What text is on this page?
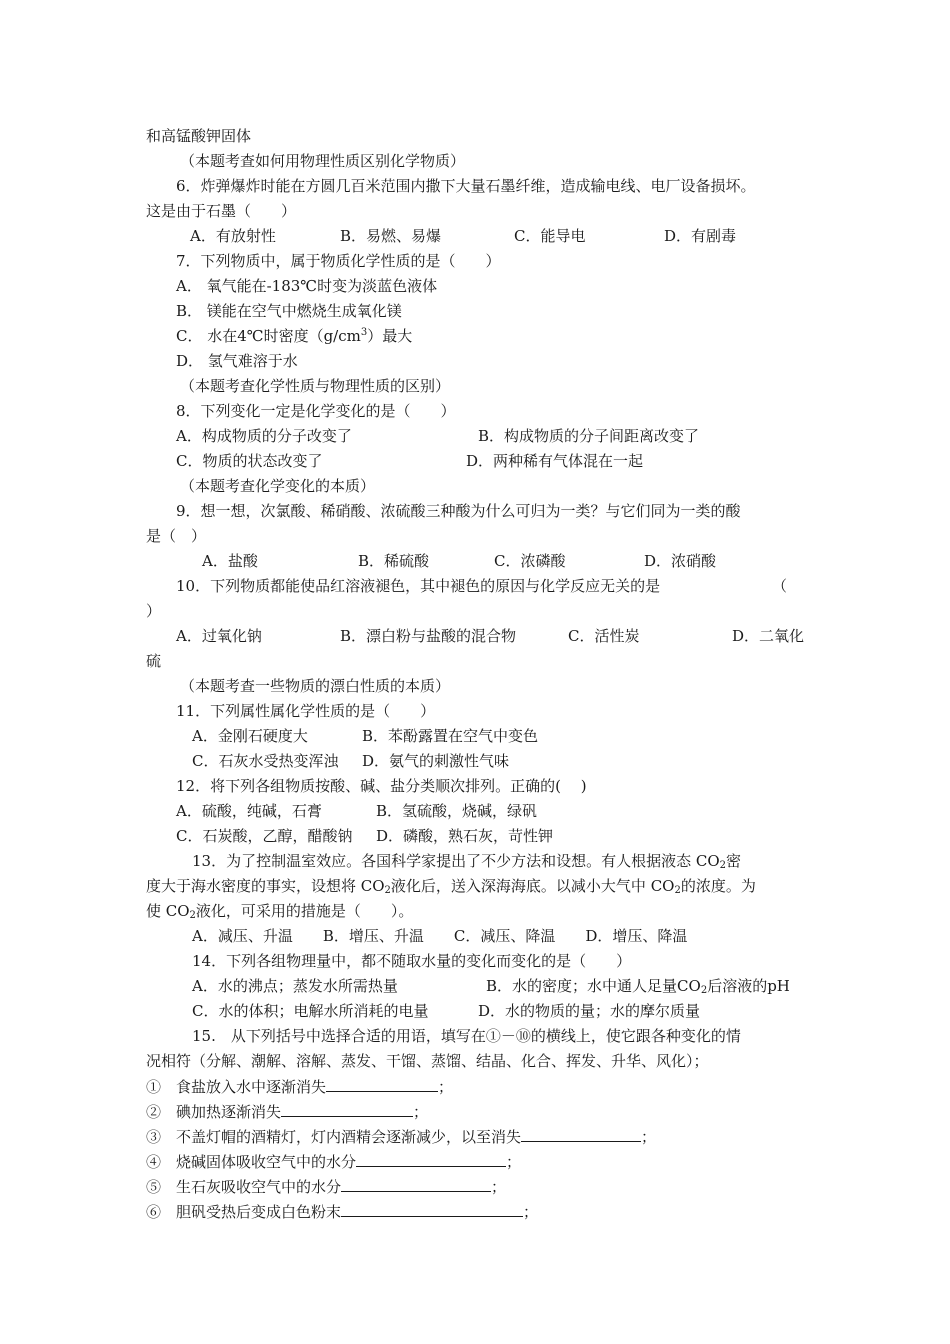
和高锰酸钾固体
（本题考查如何用物理性质区别化学物质）
6．炸弹爆炸时能在方圆几百米范围内撒下大量石墨纤维，造成输电线、电厂设备损坏。
这是由于石墨（　　）
A．有放射性	B．易燃、易爆	C．能导电	D．有剧毒
7．下列物质中，属于物质化学性质的是（　　）
A． 氧气能在-183℃时变为淡蓝色液体
B． 镁能在空气中燃烧生成氧化镁
C． 水在4℃时密度$(g/cm^3)$最大
D． 氢气难溶于水
（本题考查化学性质与物理性质的区别）
8．下列变化一定是化学变化的是（　　）
A．构成物质的分子改变了	B．构成物质的分子间距离改变了
C．物质的状态改变了	D．两种稀有气体混在一起
（本题考查化学变化的本质）
9．想一想，次氯酸、稀硝酸、浓硫酸三种酸为什么可归为一类？与它们同为一类的酸
是（　）
A．盐酸	B．稀硫酸	C．浓磷酸	D．浓硝酸
10．下列物质都能使品红溶液褪色，其中褪色的原因与化学反应无关的是	（
）
A．过氧化钠	B．漂白粉与盐酸的混合物	C．活性炭	D．二氧化
硫
（本题考查一些物质的漂白性质的本质）
11．下列属性属化学性质的是（　　）
A．金刚石硬度大	B．苯酚露置在空气中变色
C．石灰水受热变浑浊 D．氨气的刺激性气味
12．将下列各组物质按酸、碱、盐分类顺次排列。正确的(　 )
A．硫酸，纯碱，石膏	B．氢硫酸，烧碱，绿矾
C．石炭酸，乙醇，醋酸钠 D．磷酸，熟石灰，苛性钾
13．为了控制温室效应。各国科学家提出了不少方法和设想。有人根据液态 $CO_2$密
度大于海水密度的事实，设想将 $CO_2$液化后，送入深海海底。以减小大气中 $CO_2$的浓度。为
使 $CO_2$液化，可采用的措施是（　　）。
A．减压、升温　　B．增压、升温　　C．减压、降温　　D．增压、降温
14．下列各组物理量中，都不随取水量的变化而变化的是（　　）
A．水的沸点；蒸发水所需热量	B．水的密度；水中通人足量$CO_2$后溶液的pH
C．水的体积；电解水所消耗的电量	D．水的物质的量；水的摩尔质量
15.　从下列括号中选择合适的用语，填写在①－⑩的横线上，使它跟各种变化的情
况相符（分解、潮解、溶解、蒸发、干馏、蒸馏、结晶、化合、挥发、升华、风化）；
①　食盐放入水中逐渐消失	；
②　碘加热逐渐消失	；
③　不盖灯帽的酒精灯，灯内酒精会逐渐减少，以至消失	；
④　烧碱固体吸收空气中的水分	；
⑤　生石灰吸收空气中的水分	；
⑥　胆矾受热后变成白色粉末	；
